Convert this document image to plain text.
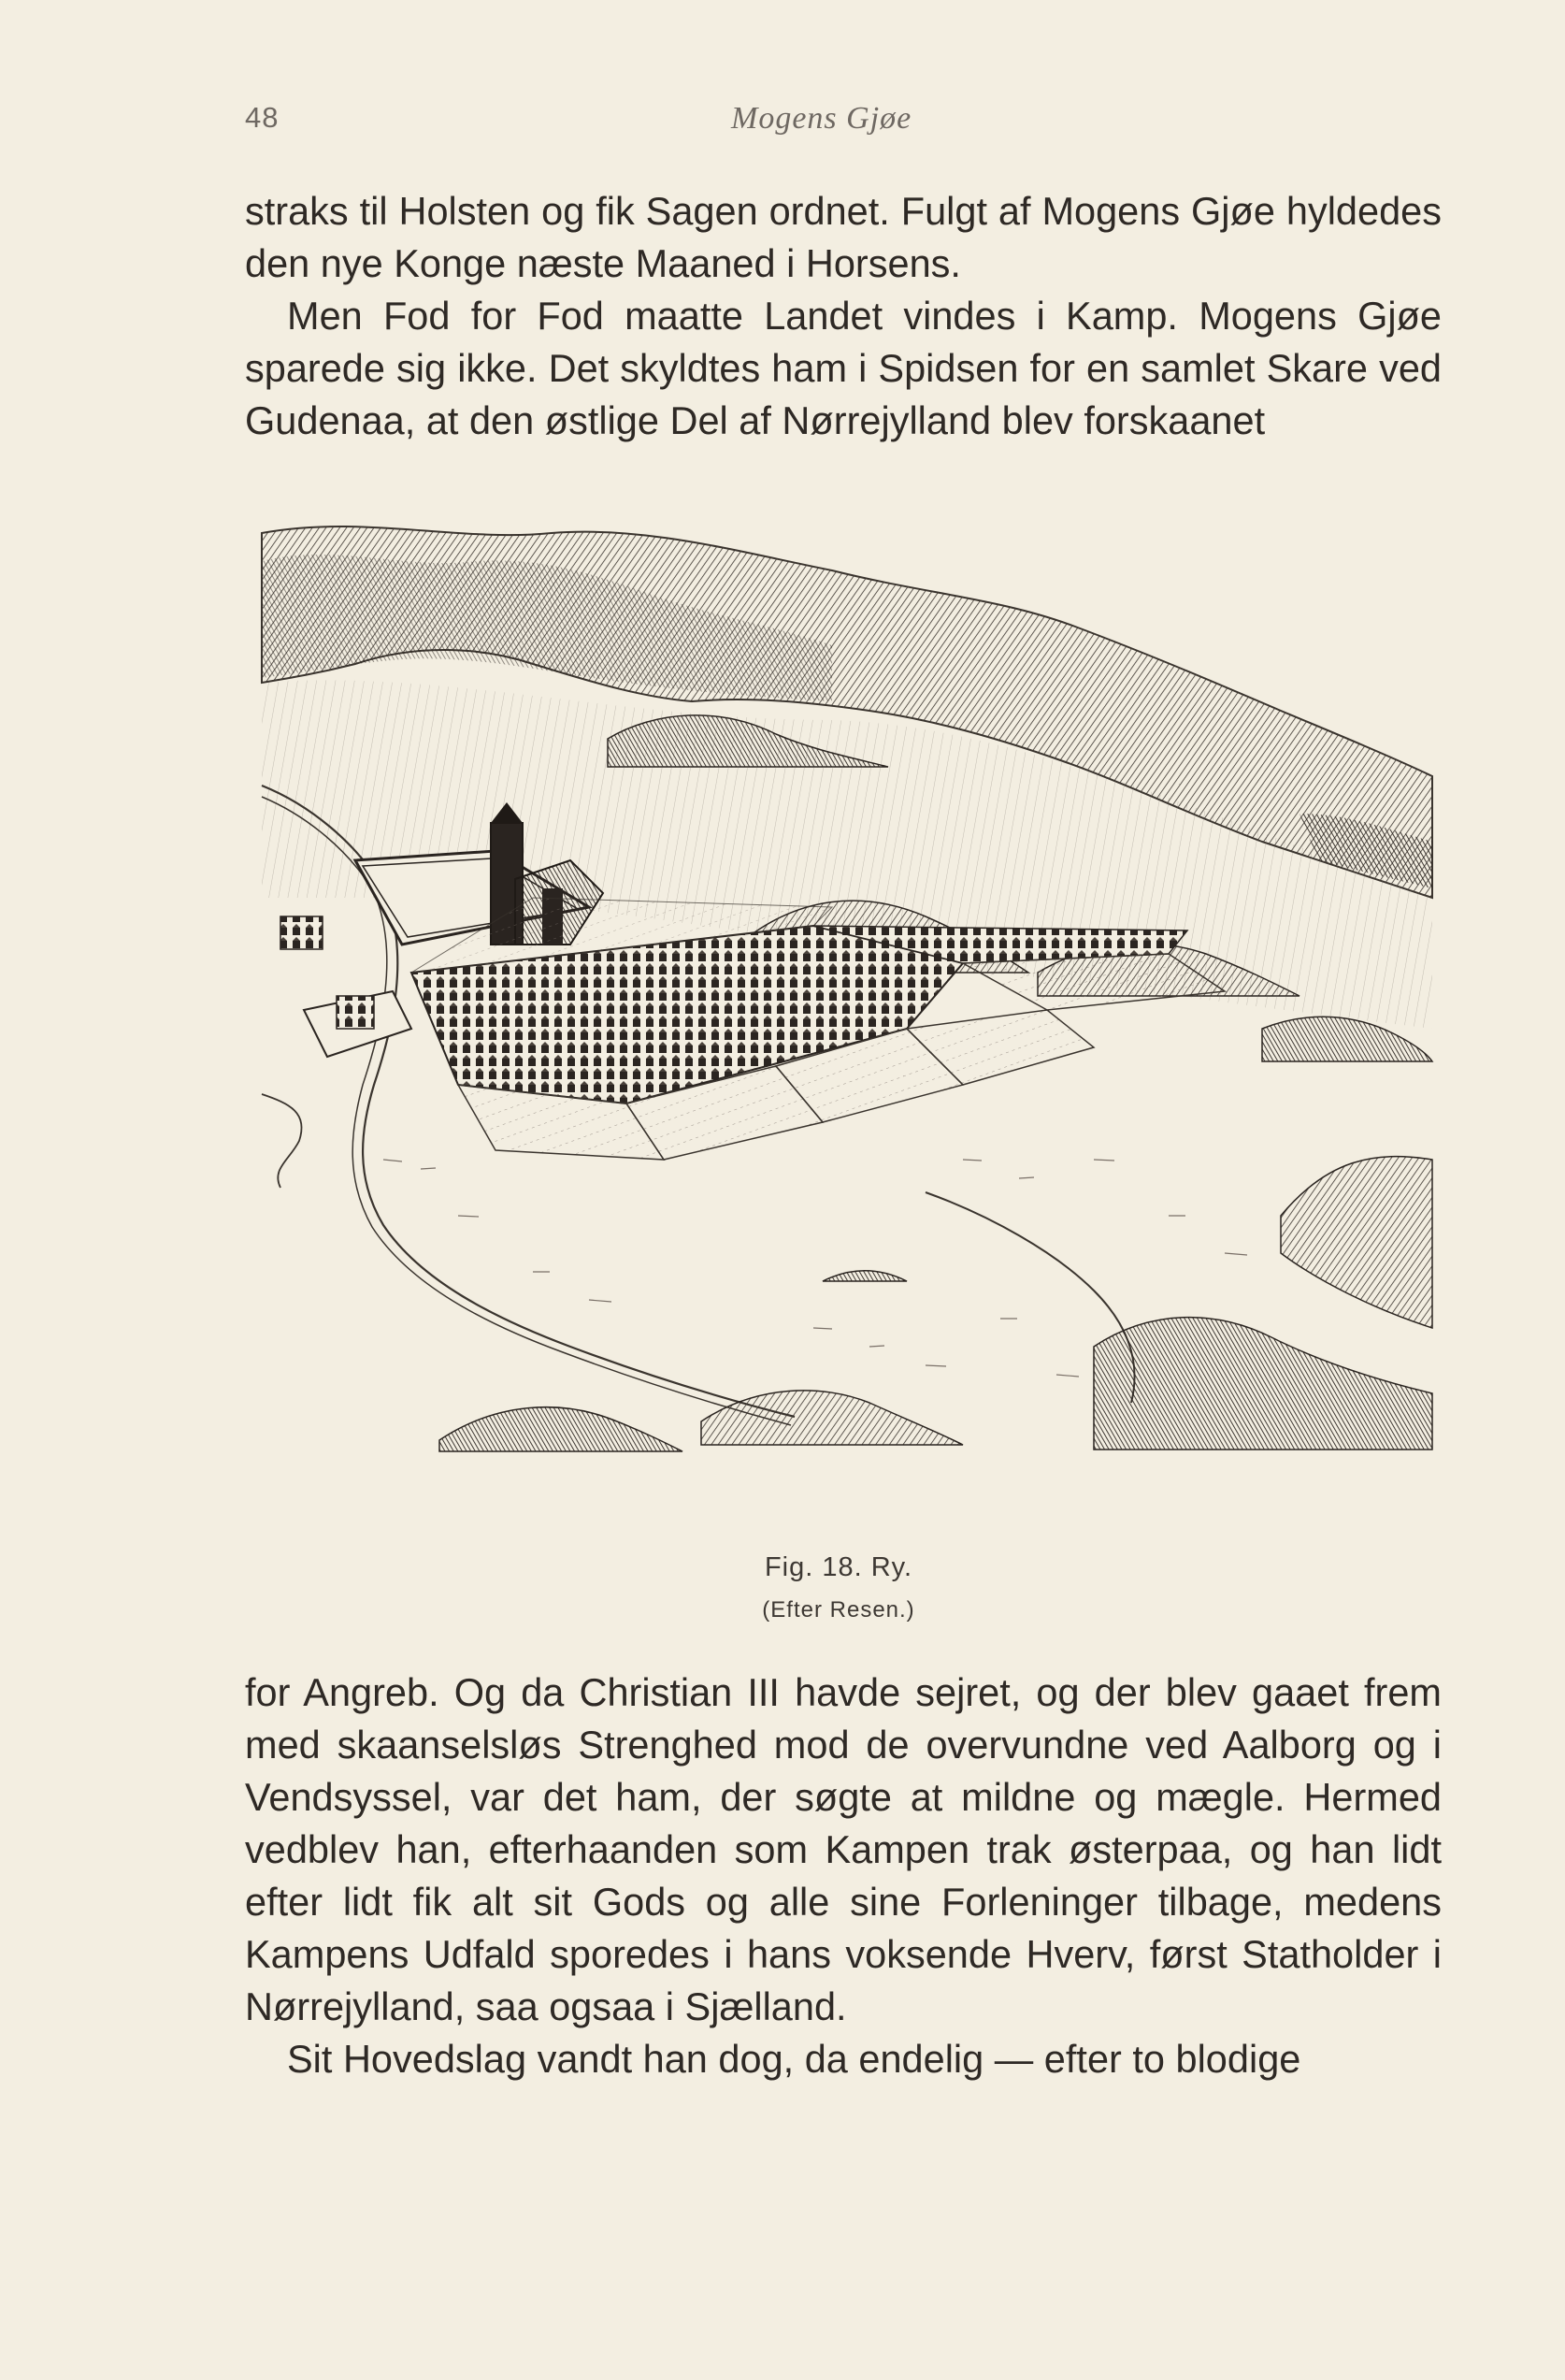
48	Mogens Gjøe

straks til Holsten og fik Sagen ordnet. Fulgt af Mogens Gjøe hyldedes den nye Konge næste Maaned i Horsens.

Men Fod for Fod maatte Landet vindes i Kamp. Mogens Gjøe sparede sig ikke. Det skyldtes ham i Spidsen for en samlet Skare ved Gudenaa, at den østlige Del af Nørrejylland blev forskaanet

Fig. 18. Ry.
(Efter Resen.)

for Angreb. Og da Christian III havde sejret, og der blev gaaet frem med skaanselsløs Strenghed mod de overvundne ved Aalborg og i Vendsyssel, var det ham, der søgte at mildne og mægle. Hermed vedblev han, efterhaanden som Kampen trak østerpaa, og han lidt efter lidt fik alt sit Gods og alle sine Forleninger tilbage, medens Kampens Udfald sporedes i hans voksende Hverv, først Statholder i Nørrejylland, saa ogsaa i Sjælland.

Sit Hovedslag vandt han dog, da endelig — efter to blodige
